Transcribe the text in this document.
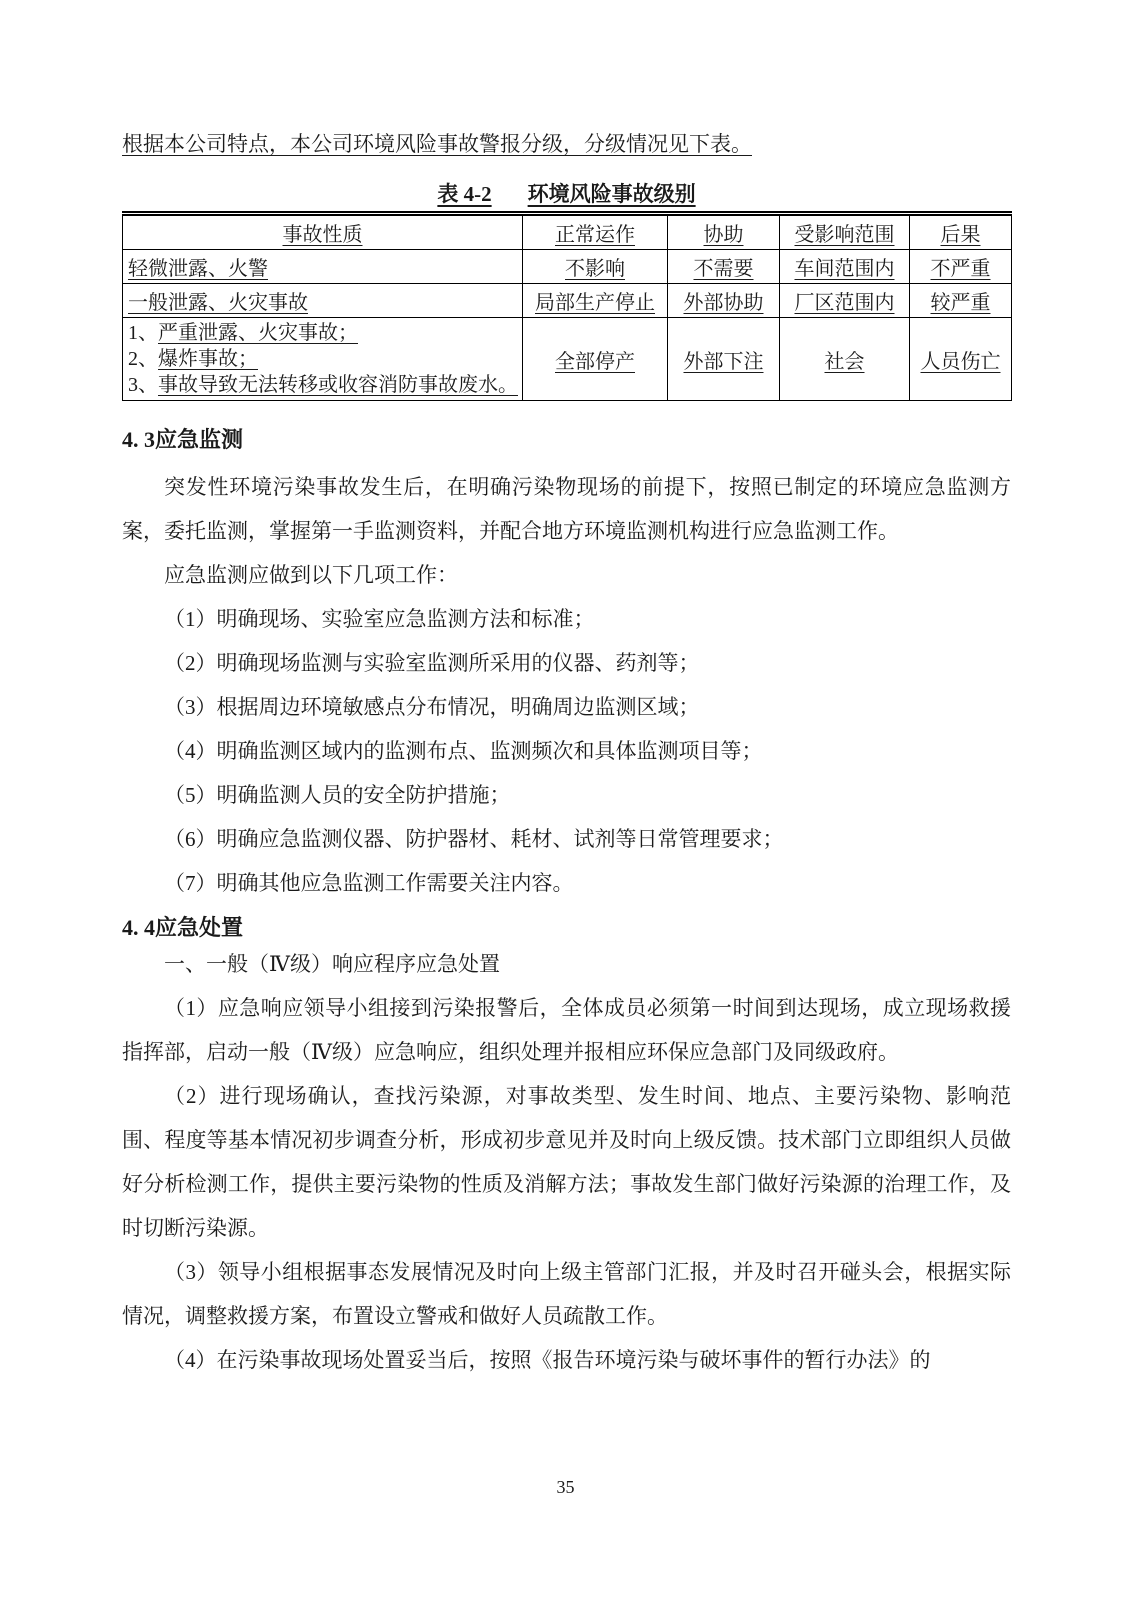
根据本公司特点，本公司环境风险事故警报分级，分级情况见下表。

表 4-2 环境风险事故级别
事故性质	正常运作	协助	受影响范围	后果
轻微泄露、火警	不影响	不需要	车间范围内	不严重
一般泄露、火灾事故	局部生产停止	外部协助	厂区范围内	较严重

1、严重泄露、火灾事故；
2、爆炸事故；
3、事故导致无法转移或收容消防事故废水。	全部停产	外部下注	社会	人员伤亡
4. 3应急监测

突发性环境污染事故发生后，在明确污染物现场的前提下，按照已制定的环境应急监测方案，委托监测，掌握第一手监测资料，并配合地方环境监测机构进行应急监测工作。

应急监测应做到以下几项工作：

（1）明确现场、实验室应急监测方法和标准；

（2）明确现场监测与实验室监测所采用的仪器、药剂等；

（3）根据周边环境敏感点分布情况，明确周边监测区域；

（4）明确监测区域内的监测布点、监测频次和具体监测项目等；

（5）明确监测人员的安全防护措施；

（6）明确应急监测仪器、防护器材、耗材、试剂等日常管理要求；

（7）明确其他应急监测工作需要关注内容。

4. 4应急处置

一、一般（Ⅳ级）响应程序应急处置

（1）应急响应领导小组接到污染报警后，全体成员必须第一时间到达现场，成立现场救援指挥部，启动一般（Ⅳ级）应急响应，组织处理并报相应环保应急部门及同级政府。

（2）进行现场确认，查找污染源，对事故类型、发生时间、地点、主要污染物、影响范围、程度等基本情况初步调查分析，形成初步意见并及时向上级反馈。技术部门立即组织人员做好分析检测工作，提供主要污染物的性质及消解方法；事故发生部门做好污染源的治理工作，及时切断污染源。

（3）领导小组根据事态发展情况及时向上级主管部门汇报，并及时召开碰头会，根据实际情况，调整救援方案，布置设立警戒和做好人员疏散工作。

（4）在污染事故现场处置妥当后，按照《报告环境污染与破坏事件的暂行办法》的

35
